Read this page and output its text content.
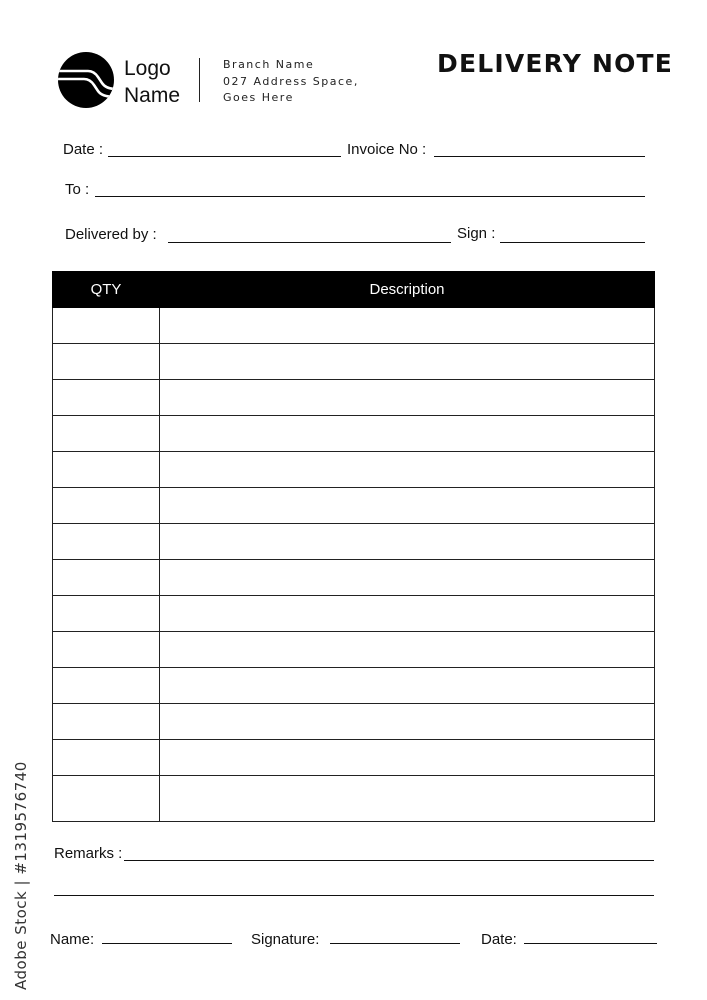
Logo
Name
Branch Name
027 Address Space,
Goes Here
DELIVERY NOTE
Date :	Invoice No :
To :
Delivered by :	Sign :
QTY	Description

Remarks :
Name:	Signature:	Date:
Adobe Stock | #1319576740
